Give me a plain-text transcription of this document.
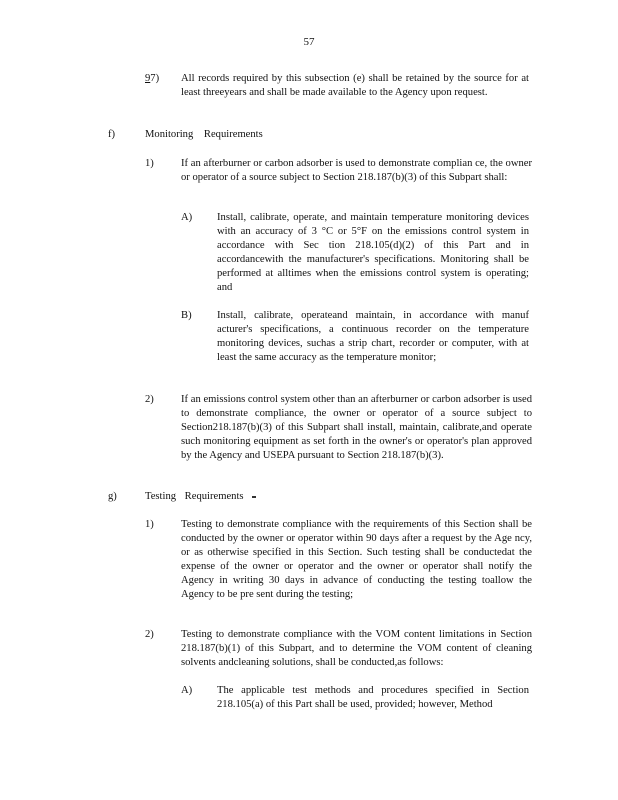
57
97) All records required by this subsection (e) shall be retained by the source for at least threeyears and shall be made available to the Agency upon request.
f)	Monitoring Requirements
1)	If an afterburner or carbon adsorber is used to demonstrate complian ce, the owner or operator of a source subject to Section 218.187(b)(3) of this Subpart shall:
A) Install, calibrate, operate, and maintain temperature monitoring devices with an accuracy of 3 °C or 5°F on the emissions control system in accordance with Sec tion 218.105(d)(2) of this Part and in accordancewith the manufacturer's specifications. Monitoring shall be performed at alltimes when the emissions control system is operating; and
B) Install, calibrate, operateand maintain, in accordance with manuf acturer's specifications, a continuous recorder on the temperature monitoring devices, suchas a strip chart, recorder or computer, with at least the same accuracy as the temperature monitor;
2)	If an emissions control system other than an afterburner or carbon adsorber is used to demonstrate compliance, the owner or operator of a source subject to Section218.187(b)(3) of this Subpart shall install, maintain, calibrate,and operate such monitoring equipment as set forth in the owner's or operator's plan approved by the Agency and USEPA pursuant to Section 218.187(b)(3).
g)	Testing Requirements
1)	Testing to demonstrate compliance with the requirements of this Section shall be conducted by the owner or operator within 90 days after a request by the Age ncy, or as otherwise specified in this Section. Such testing shall be conductedat the expense of the owner or operator and the owner or operator shall notify the Agency in writing 30 days in advance of conducting the testing toallow the Agency to be pre sent during the testing;
2)	Testing to demonstrate compliance with the VOM content limitations in Section 218.187(b)(1) of this Subpart, and to determine the VOM content of cleaning solvents andcleaning solutions, shall be conducted,as follows:
A) The applicable test methods and procedures specified in Section 218.105(a) of this Part shall be used, provided; however, Method
